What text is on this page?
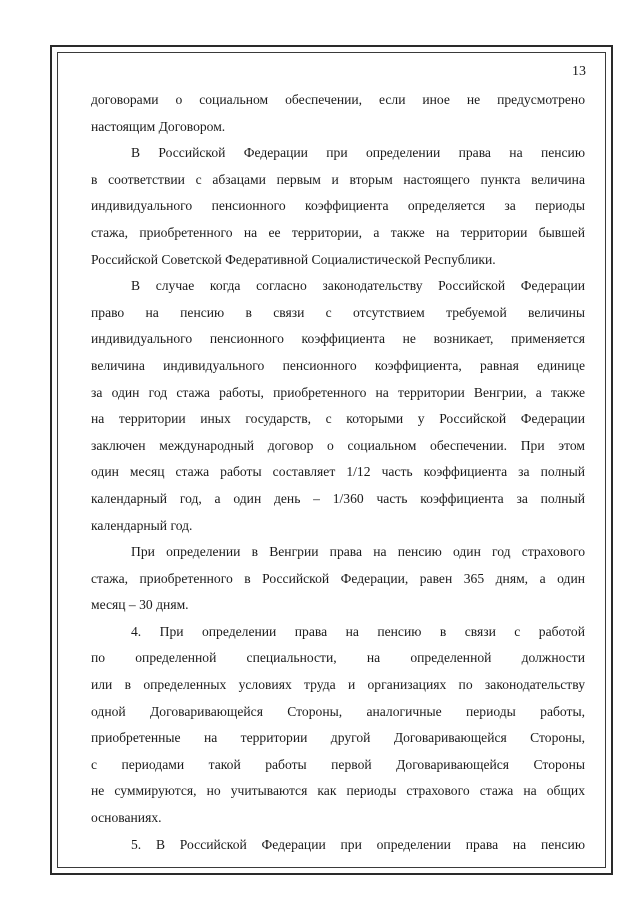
13

договорами о социальном обеспечении, если иное не предусмотрено

настоящим Договором.

В Российской Федерации при определении права на пенсию

в соответствии с абзацами первым и вторым настоящего пункта величина

индивидуального пенсионного коэффициента определяется за периоды

стажа, приобретенного на ее территории, а также на территории бывшей

Российской Советской Федеративной Социалистической Республики.

В случае когда согласно законодательству Российской Федерации

право на пенсию в связи с отсутствием требуемой величины

индивидуального пенсионного коэффициента не возникает, применяется

величина индивидуального пенсионного коэффициента, равная единице

за один год стажа работы, приобретенного на территории Венгрии, а также

на территории иных государств, с которыми у Российской Федерации

заключен международный договор о социальном обеспечении. При этом

один месяц стажа работы составляет 1/12 часть коэффициента за полный

календарный год, а один день – 1/360 часть коэффициента за полный

календарный год.

При определении в Венгрии права на пенсию один год страхового

стажа, приобретенного в Российской Федерации, равен 365 дням, а один

месяц – 30 дням.

4. При определении права на пенсию в связи с работой

по определенной специальности, на определенной должности

или в определенных условиях труда и организациях по законодательству

одной Договаривающейся Стороны, аналогичные периоды работы,

приобретенные на территории другой Договаривающейся Стороны,

с периодами такой работы первой Договаривающейся Стороны

не суммируются, но учитываются как периоды страхового стажа на общих

основаниях.

5. В Российской Федерации при определении права на пенсию
